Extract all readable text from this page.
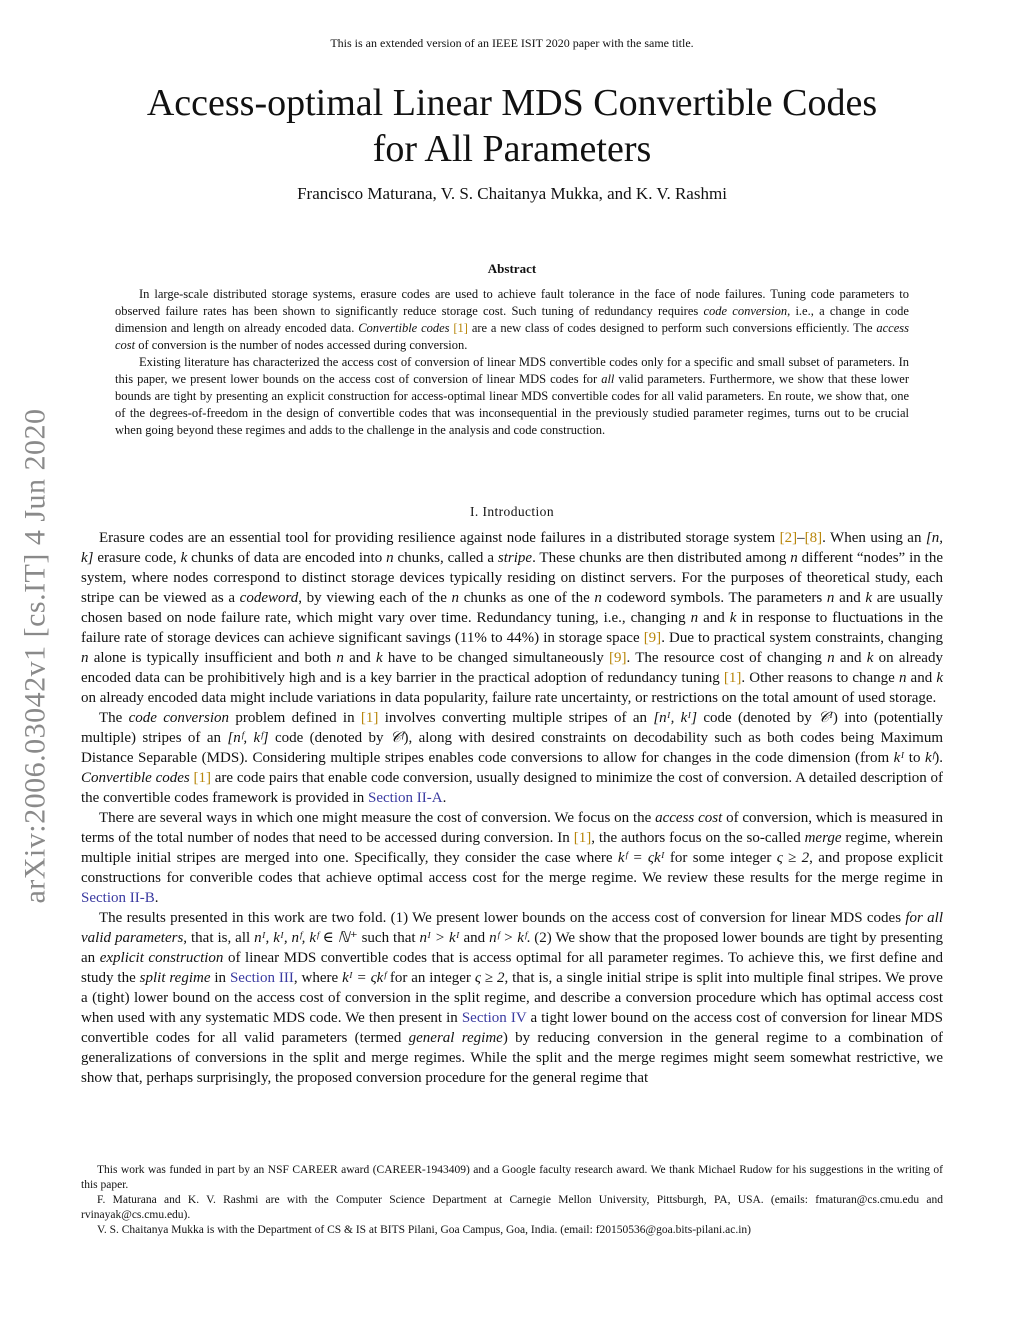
This is an extended version of an IEEE ISIT 2020 paper with the same title.
Access-optimal Linear MDS Convertible Codes
for All Parameters
Francisco Maturana, V. S. Chaitanya Mukka, and K. V. Rashmi
arXiv:2006.03042v1 [cs.IT] 4 Jun 2020
Abstract

In large-scale distributed storage systems, erasure codes are used to achieve fault tolerance in the face of node failures. Tuning code parameters to observed failure rates has been shown to significantly reduce storage cost. Such tuning of redundancy requires code conversion, i.e., a change in code dimension and length on already encoded data. Convertible codes [1] are a new class of codes designed to perform such conversions efficiently. The access cost of conversion is the number of nodes accessed during conversion.

Existing literature has characterized the access cost of conversion of linear MDS convertible codes only for a specific and small subset of parameters. In this paper, we present lower bounds on the access cost of conversion of linear MDS codes for all valid parameters. Furthermore, we show that these lower bounds are tight by presenting an explicit construction for access-optimal linear MDS convertible codes for all valid parameters. En route, we show that, one of the degrees-of-freedom in the design of convertible codes that was inconsequential in the previously studied parameter regimes, turns out to be crucial when going beyond these regimes and adds to the challenge in the analysis and code construction.

I. Introduction

Erasure codes are an essential tool for providing resilience against node failures in a distributed storage system [2]–[8]. When using an [n, k] erasure code, k chunks of data are encoded into n chunks, called a stripe. These chunks are then distributed among n different “nodes” in the system, where nodes correspond to distinct storage devices typically residing on distinct servers. For the purposes of theoretical study, each stripe can be viewed as a codeword, by viewing each of the n chunks as one of the n codeword symbols. The parameters n and k are usually chosen based on node failure rate, which might vary over time. Redundancy tuning, i.e., changing n and k in response to fluctuations in the failure rate of storage devices can achieve significant savings (11% to 44%) in storage space [9]. Due to practical system constraints, changing n alone is typically insufficient and both n and k have to be changed simultaneously [9]. The resource cost of changing n and k on already encoded data can be prohibitively high and is a key barrier in the practical adoption of redundancy tuning [1]. Other reasons to change n and k on already encoded data might include variations in data popularity, failure rate uncertainty, or restrictions on the total amount of used storage.

The code conversion problem defined in [1] involves converting multiple stripes of an [nᴵ, kᴵ] code (denoted by 𝒞ᴵ) into (potentially multiple) stripes of an [nᶠ, kᶠ] code (denoted by 𝒞ᶠ), along with desired constraints on decodability such as both codes being Maximum Distance Separable (MDS). Considering multiple stripes enables code conversions to allow for changes in the code dimension (from kᴵ to kᶠ). Convertible codes [1] are code pairs that enable code conversion, usually designed to minimize the cost of conversion. A detailed description of the convertible codes framework is provided in Section II-A.

There are several ways in which one might measure the cost of conversion. We focus on the access cost of conversion, which is measured in terms of the total number of nodes that need to be accessed during conversion. In [1], the authors focus on the so-called merge regime, wherein multiple initial stripes are merged into one. Specifically, they consider the case where kᶠ = ςkᴵ for some integer ς ≥ 2, and propose explicit constructions for converible codes that achieve optimal access cost for the merge regime. We review these results for the merge regime in Section II-B.

The results presented in this work are two fold. (1) We present lower bounds on the access cost of conversion for linear MDS codes for all valid parameters, that is, all nᴵ, kᴵ, nᶠ, kᶠ ∈ ℕ⁺ such that nᴵ > kᴵ and nᶠ > kᶠ. (2) We show that the proposed lower bounds are tight by presenting an explicit construction of linear MDS convertible codes that is access optimal for all parameter regimes. To achieve this, we first define and study the split regime in Section III, where kᴵ = ςkᶠ for an integer ς ≥ 2, that is, a single initial stripe is split into multiple final stripes. We prove a (tight) lower bound on the access cost of conversion in the split regime, and describe a conversion procedure which has optimal access cost when used with any systematic MDS code. We then present in Section IV a tight lower bound on the access cost of conversion for linear MDS convertible codes for all valid parameters (termed general regime) by reducing conversion in the general regime to a combination of generalizations of conversions in the split and merge regimes. While the split and the merge regimes might seem somewhat restrictive, we show that, perhaps surprisingly, the proposed conversion procedure for the general regime that

This work was funded in part by an NSF CAREER award (CAREER-1943409) and a Google faculty research award. We thank Michael Rudow for his suggestions in the writing of this paper.

F. Maturana and K. V. Rashmi are with the Computer Science Department at Carnegie Mellon University, Pittsburgh, PA, USA. (emails: fmaturan@cs.cmu.edu and rvinayak@cs.cmu.edu).

V. S. Chaitanya Mukka is with the Department of CS & IS at BITS Pilani, Goa Campus, Goa, India. (email: f20150536@goa.bits-pilani.ac.in)
